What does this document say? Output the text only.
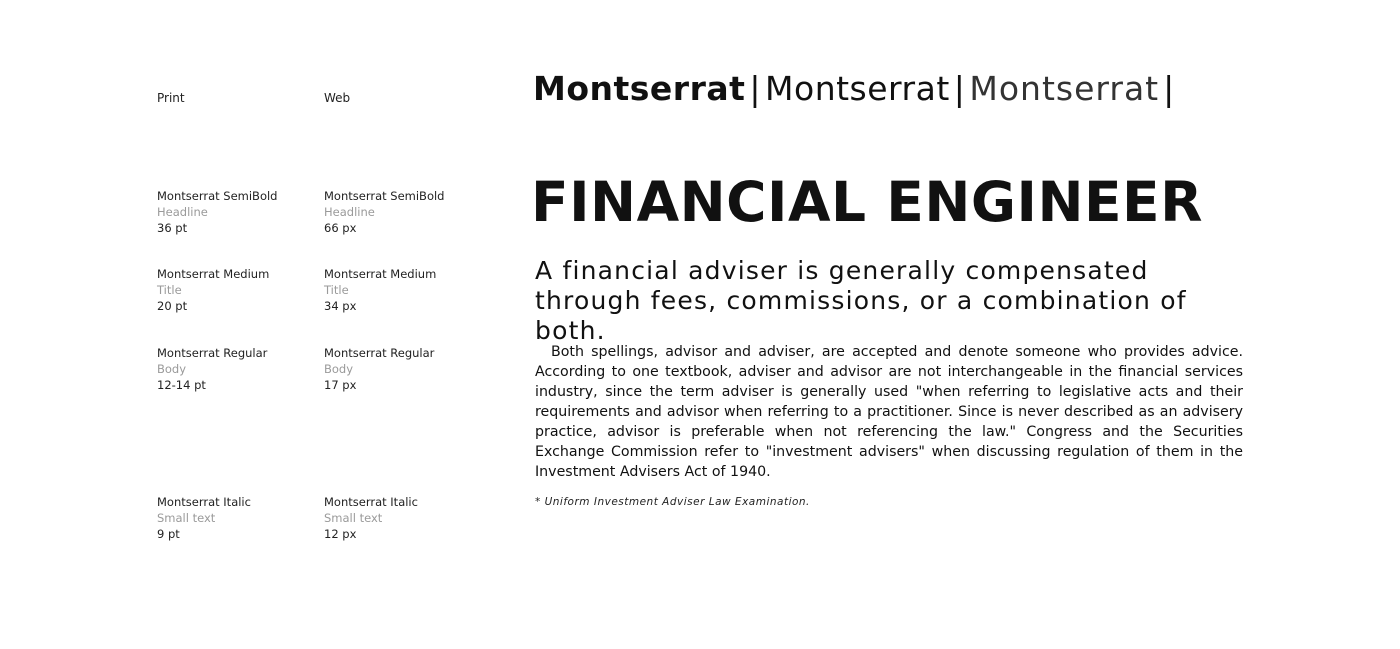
Print	Web
Montserrat SemiBold
Headline
36 pt
Montserrat SemiBold
Headline
66 px
Montserrat Medium
Title
20 pt
Montserrat Medium
Title
34 px
Montserrat Regular
Body
12-14 pt
Montserrat Regular
Body
17 px
Montserrat Italic
Small text
9 pt
Montserrat Italic
Small text
12 px
Montserrat | Montserrat | Montserrat |
FINANCIAL ENGINEER
A financial adviser is generally compensated through fees, commissions, or a combination of both.
Both spellings, advisor and adviser, are accepted and denote someone who provides advice. According to one textbook, adviser and advisor are not interchangeable in the financial services industry, since the term adviser is generally used "when referring to legislative acts and their requirements and advisor when referring to a practitioner. Since is never described as an advisery practice, advisor is preferable when not referencing the law." Congress and the Securities Exchange Commission refer to "investment advisers" when discussing regulation of them in the Investment Advisers Act of 1940.
* Uniform Investment Adviser Law Examination.
